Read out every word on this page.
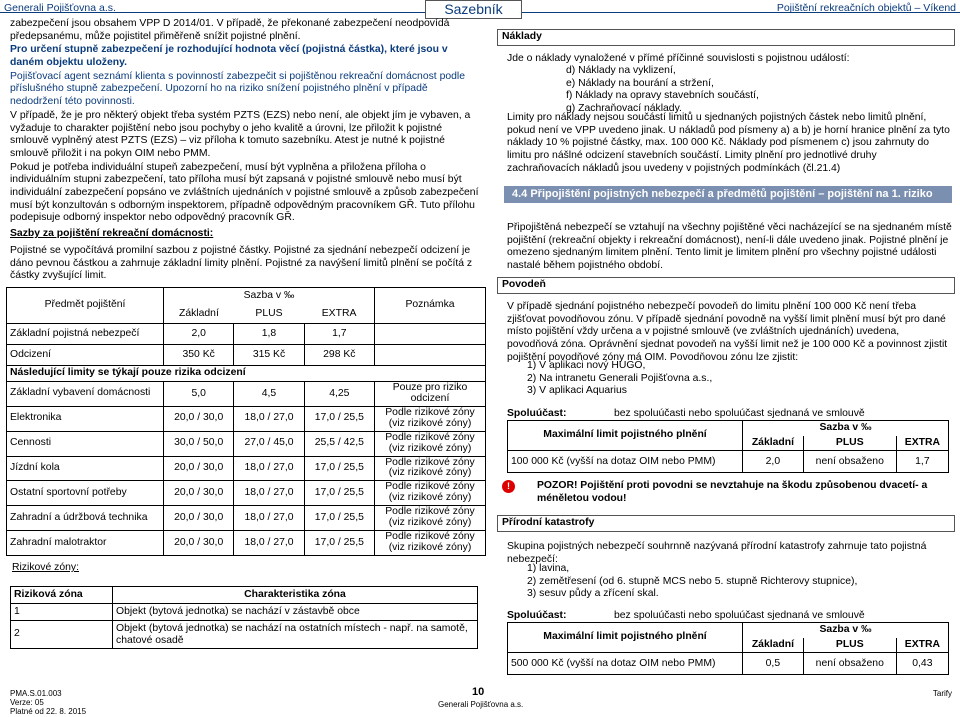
Generali Pojišťovna a.s.	Sazebník	Pojištění rekreačních objektů – Víkend

zabezpečení jsou obsahem VPP D 2014/01. V případě, že překonané zabezpečení neodpovídá předepsanému, může pojistitel přiměřeně snížit pojistné plnění.

Pro určení stupně zabezpečení je rozhodující hodnota věcí (pojistná částka), které jsou v daném objektu uloženy.

Pojišťovací agent seznámí klienta s povinností zabezpečit si pojištěnou rekreační domácnost podle příslušného stupně zabezpečení. Upozorní ho na riziko snížení pojistného plnění v případě nedodržení této povinnosti.

V případě, že je pro některý objekt třeba systém PZTS (EZS) nebo není, ale objekt jím je vybaven, a vyžaduje to charakter pojištění nebo jsou pochyby o jeho kvalitě a úrovni, lze přiložit k pojistné smlouvě vyplněný atest PZTS (EZS) – viz příloha k tomuto sazebníku. Atest je nutné k pojistné smlouvě přiložit i na pokyn OIM nebo PMM.

Pokud je potřeba individuální stupeň zabezpečení, musí být vyplněna a přiložena příloha o individuálním stupni zabezpečení, tato příloha musí být zapsaná v pojistné smlouvě nebo musí být individuální zabezpečení popsáno ve zvláštních ujednáních v pojistné smlouvě a způsob zabezpečení musí být konzultován s odborným inspektorem, případně odpovědným pracovníkem GŘ. Tuto přílohu podepisuje odborný inspektor nebo odpovědný pracovník GŘ.

Sazby za pojištění rekreační domácnosti:
Pojistné se vypočítává promilní sazbou z pojistné částky. Pojistné za sjednání nebezpečí odcizení je dáno pevnou částkou a zahrnuje základní limity plnění. Pojistné za navýšení limitů plnění se počítá z částky zvyšující limit.
Předmět pojištění	Sazba v ‰			Poznámka
	Základní	PLUS	EXTRA	
Základní pojistná nebezpečí	2,0	1,8	1,7	
Odcizení	350 Kč	315 Kč	298 Kč	
Následující limity se týkají pouze rizika odcizení				
Základní vybavení domácnosti	5,0	4,5	4,25	Pouze pro riziko odcizení
Elektronika	20,0 / 30,0	18,0 / 27,0	17,0 / 25,5	Podle rizikové zóny (viz rizikové zóny)
Cennosti	30,0 / 50,0	27,0 / 45,0	25,5 / 42,5	Podle rizikové zóny (viz rizikové zóny)
Jízdní kola	20,0 / 30,0	18,0 / 27,0	17,0 / 25,5	Podle rizikové zóny (viz rizikové zóny)
Ostatní sportovní potřeby	20,0 / 30,0	18,0 / 27,0	17,0 / 25,5	Podle rizikové zóny (viz rizikové zóny)
Zahradní a údržbová technika	20,0 / 30,0	18,0 / 27,0	17,0 / 25,5	Podle rizikové zóny (viz rizikové zóny)
Zahradní malotraktor	20,0 / 30,0	18,0 / 27,0	17,0 / 25,5	Podle rizikové zóny (viz rizikové zóny)
Rizikové zóny:
Riziková zóna	Charakteristika zóna
1	Objekt (bytová jednotka) se nachází v zástavbě obce
2	Objekt (bytová jednotka) se nachází na ostatních místech - např. na samotě, chatové osadě
Náklady
Jde o náklady vynaložené v přímé příčinné souvislosti s pojistnou událostí:
d) Náklady na vyklizení,
e) Náklady na bourání a stržení,
f) Náklady na opravy stavebních součástí,
g) Zachraňovací náklady.
Limity pro náklady nejsou součástí limitů u sjednaných pojistných částek nebo limitů plnění, pokud není ve VPP uvedeno jinak. U nákladů pod písmeny a) a b) je horní hranice plnění za tyto náklady 10 % pojistné částky, max. 100 000 Kč. Náklady pod písmenem c) jsou zahrnuty do limitu pro nášlné odcizení stavebních součástí. Limity plnění pro jednotlivé druhy zachraňovacích nákladů jsou uvedeny v pojistných podmínkách (čl.21.4)
4.4 Připojištění pojistných nebezpečí a předmětů pojištění – pojištění na 1. riziko
Připojištěná nebezpečí se vztahují na všechny pojištěné věci nacházející se na sjednaném místě pojištění (rekreační objekty i rekreační domácnost), není-li dále uvedeno jinak. Pojistné plnění je omezeno sjednaným limitem plnění. Tento limit je limitem plnění pro všechny pojistné události nastalé během pojistného období.
Povodeň
V případě sjednání pojistného nebezpečí povodeň do limitu plnění 100 000 Kč není třeba zjišťovat povodňovou zónu. V případě sjednání povodně na vyšší limit plnění musí být pro dané místo pojištění vždy určena a v pojistné smlouvě (ve zvláštních ujednáních) uvedena, povodňová zóna. Oprávnění sjednat povodeň na vyšší limit než je 100 000 Kč a povinnost zjistit pojištění povodňové zóny má OIM. Povodňovou zónu lze zjistit:
1) V aplikaci nový HUGO,
2) Na intranetu Generali Pojišťovna a.s.,
3) V aplikaci Aquarius
Spoluúčast:	bez spoluúčasti nebo spoluúčast sjednaná ve smlouvě
Maximální limit pojistného plnění	Sazba v ‰		
	Základní	PLUS	EXTRA
100 000 Kč (vyšší na dotaz OIM nebo PMM)	2,0	není obsaženo	1,7
!	POZOR! Pojištění proti povodni se nevztahuje na škodu způsobenou dvacetí- a méněletou vodou!
Přírodní katastrofy
Skupina pojistných nebezpečí souhrnně nazývaná přírodní katastrofy zahrnuje tato pojistná nebezpečí:
1) lavina,
2) zemětřesení (od 6. stupně MCS nebo 5. stupně Richterovy stupnice),
3) sesuv půdy a zřícení skal.
Spoluúčast:	bez spoluúčasti nebo spoluúčast sjednaná ve smlouvě
Maximální limit pojistného plnění	Sazba v ‰		
	Základní	PLUS	EXTRA
500 000 Kč (vyšší na dotaz OIM nebo PMM)	0,5	není obsaženo	0,43
PMA.S.01.003
Verze: 05
Platné od 22. 8. 2015
10
Generali Pojišťovna a.s.
Tarify
